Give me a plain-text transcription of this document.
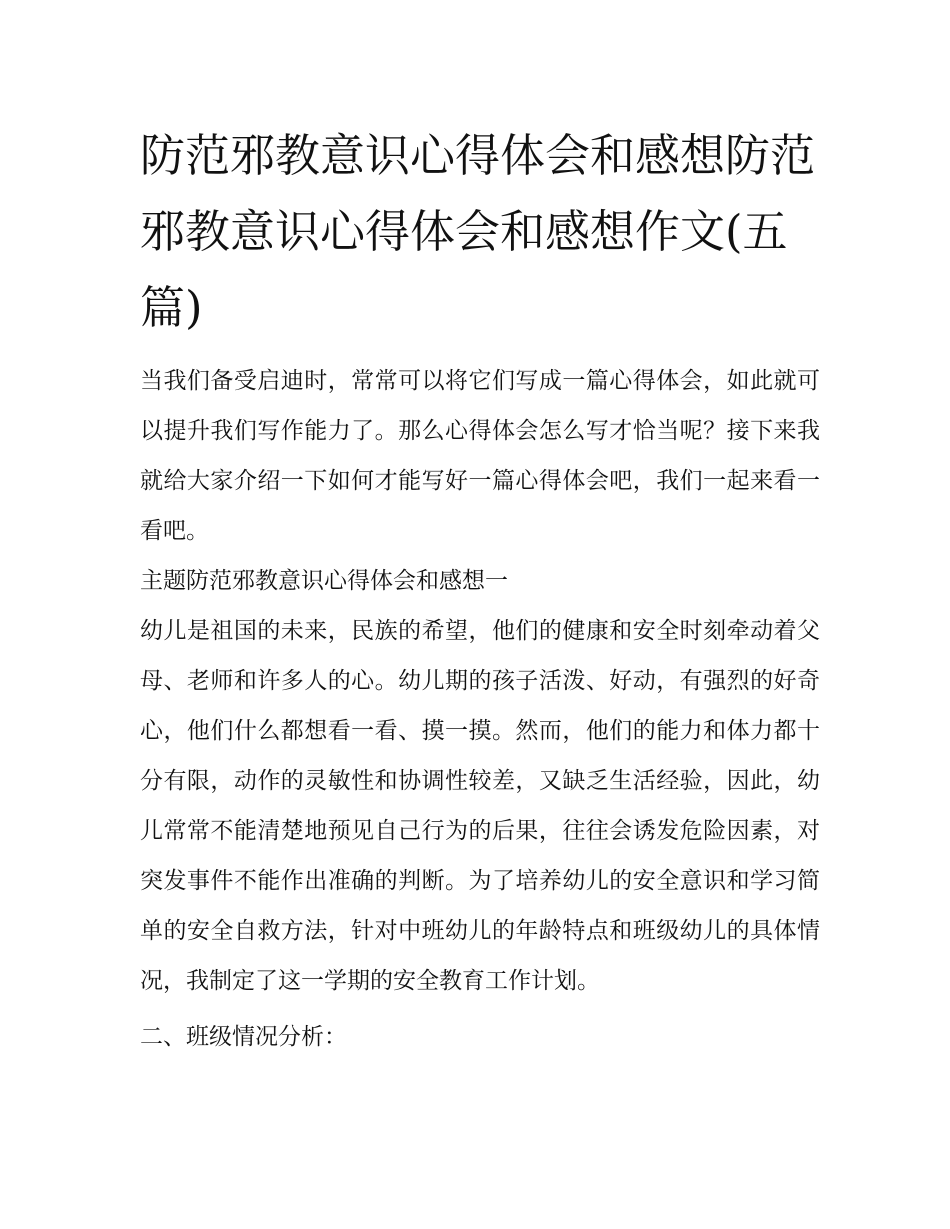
防范邪教意识心得体会和感想防范邪教意识心得体会和感想作文(五篇)

当我们备受启迪时，常常可以将它们写成一篇心得体会，如此就可以提升我们写作能力了。那么心得体会怎么写才恰当呢？接下来我就给大家介绍一下如何才能写好一篇心得体会吧，我们一起来看一看吧。

主题防范邪教意识心得体会和感想一

幼儿是祖国的未来，民族的希望，他们的健康和安全时刻牵动着父母、老师和许多人的心。幼儿期的孩子活泼、好动，有强烈的好奇心，他们什么都想看一看、摸一摸。然而，他们的能力和体力都十分有限，动作的灵敏性和协调性较差，又缺乏生活经验，因此，幼儿常常不能清楚地预见自己行为的后果，往往会诱发危险因素，对突发事件不能作出准确的判断。为了培养幼儿的安全意识和学习简单的安全自救方法，针对中班幼儿的年龄特点和班级幼儿的具体情况，我制定了这一学期的安全教育工作计划。

二、班级情况分析：
